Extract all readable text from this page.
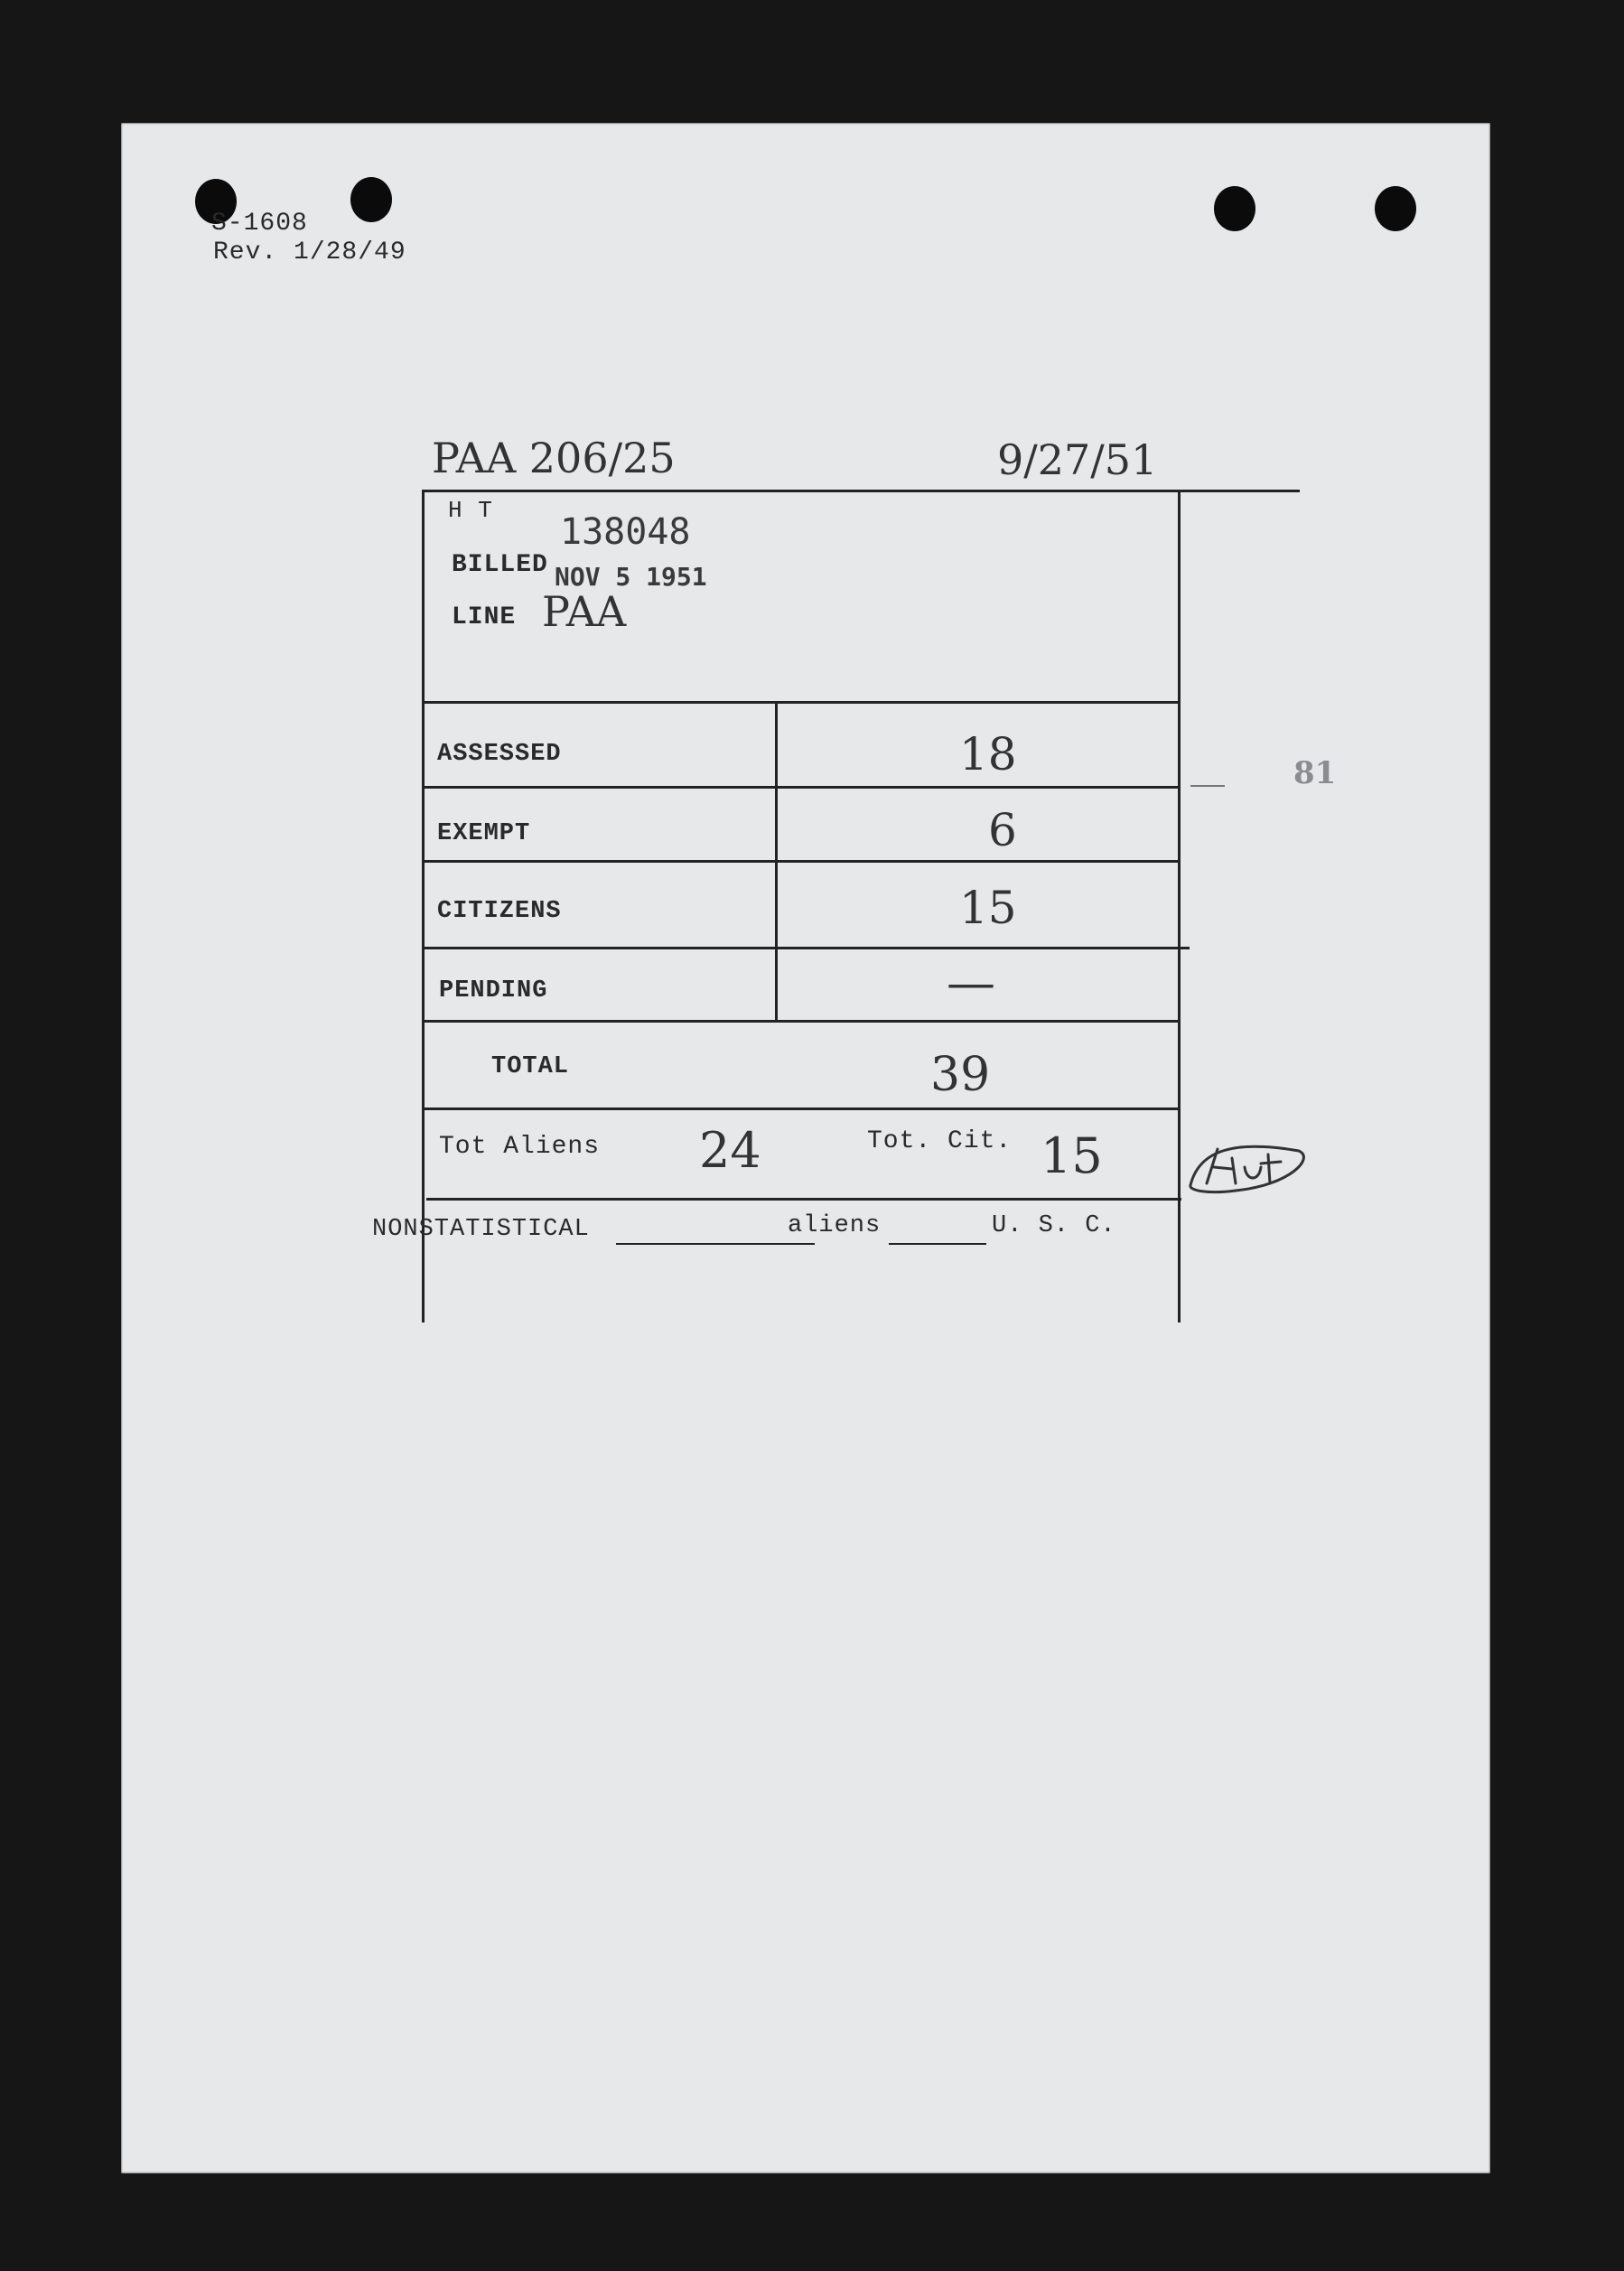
S-1608
Rev. 1/28/49
PAA 206/25	9/27/51
H T
138048
BILLED NOV 5 1951
LINE PAA
ASSESSED	18
EXEMPT	6
CITIZENS	15
PENDING	—
TOTAL	39
Tot Aliens 24	Tot. Cit. 15
81
NONSTATISTICAL	aliens	U. S. C.
